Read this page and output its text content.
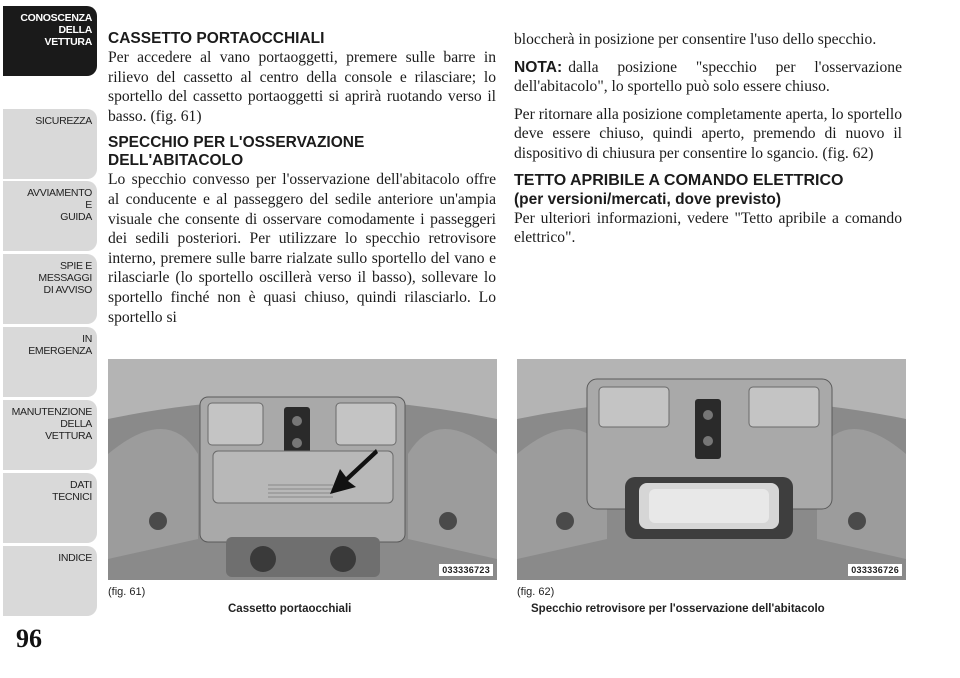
CONOSCENZA
DELLA
VETTURA
SICUREZZA
AVVIAMENTO
E
GUIDA
SPIE E
MESSAGGI
DI AVVISO
IN
EMERGENZA
MANUTENZIONE
DELLA
VETTURA
DATI
TECNICI
INDICE
96
CASSETTO PORTAOCCHIALI

Per accedere al vano portaoggetti, premere sulle barre in rilievo del cassetto al centro della console e rilasciare; lo sportello del cassetto portaoggetti si aprirà ruotando verso il basso. (fig. 61)

SPECCHIO PER L'OSSERVAZIONE DELL'ABITACOLO

Lo specchio convesso per l'osservazione dell'abitacolo offre al conducente e al passeggero del sedile anteriore un'ampia visuale che consente di osservare comodamente i passeggeri dei sedili posteriori. Per utilizzare lo specchio retrovisore interno, premere sulle barre rialzate sullo sportello del vano e rilasciarle (lo sportello oscillerà verso il basso), sollevare lo sportello finché non è quasi chiuso, quindi rilasciarlo. Lo sportello si

bloccherà in posizione per consentire l'uso dello specchio.

NOTA: dalla posizione "specchio per l'osservazione dell'abitacolo", lo sportello può solo essere chiuso.

Per ritornare alla posizione completamente aperta, lo sportello deve essere chiuso, quindi aperto, premendo di nuovo il dispositivo di chiusura per consentire lo sgancio. (fig. 62)

TETTO APRIBILE A COMANDO ELETTRICO
(per versioni/mercati, dove previsto)

Per ulteriori informazioni, vedere "Tetto apribile a comando elettrico".

033336723
(fig. 61)
Cassetto portaocchiali
033336726
(fig. 62)
Specchio retrovisore per l'osservazione dell'abitacolo
